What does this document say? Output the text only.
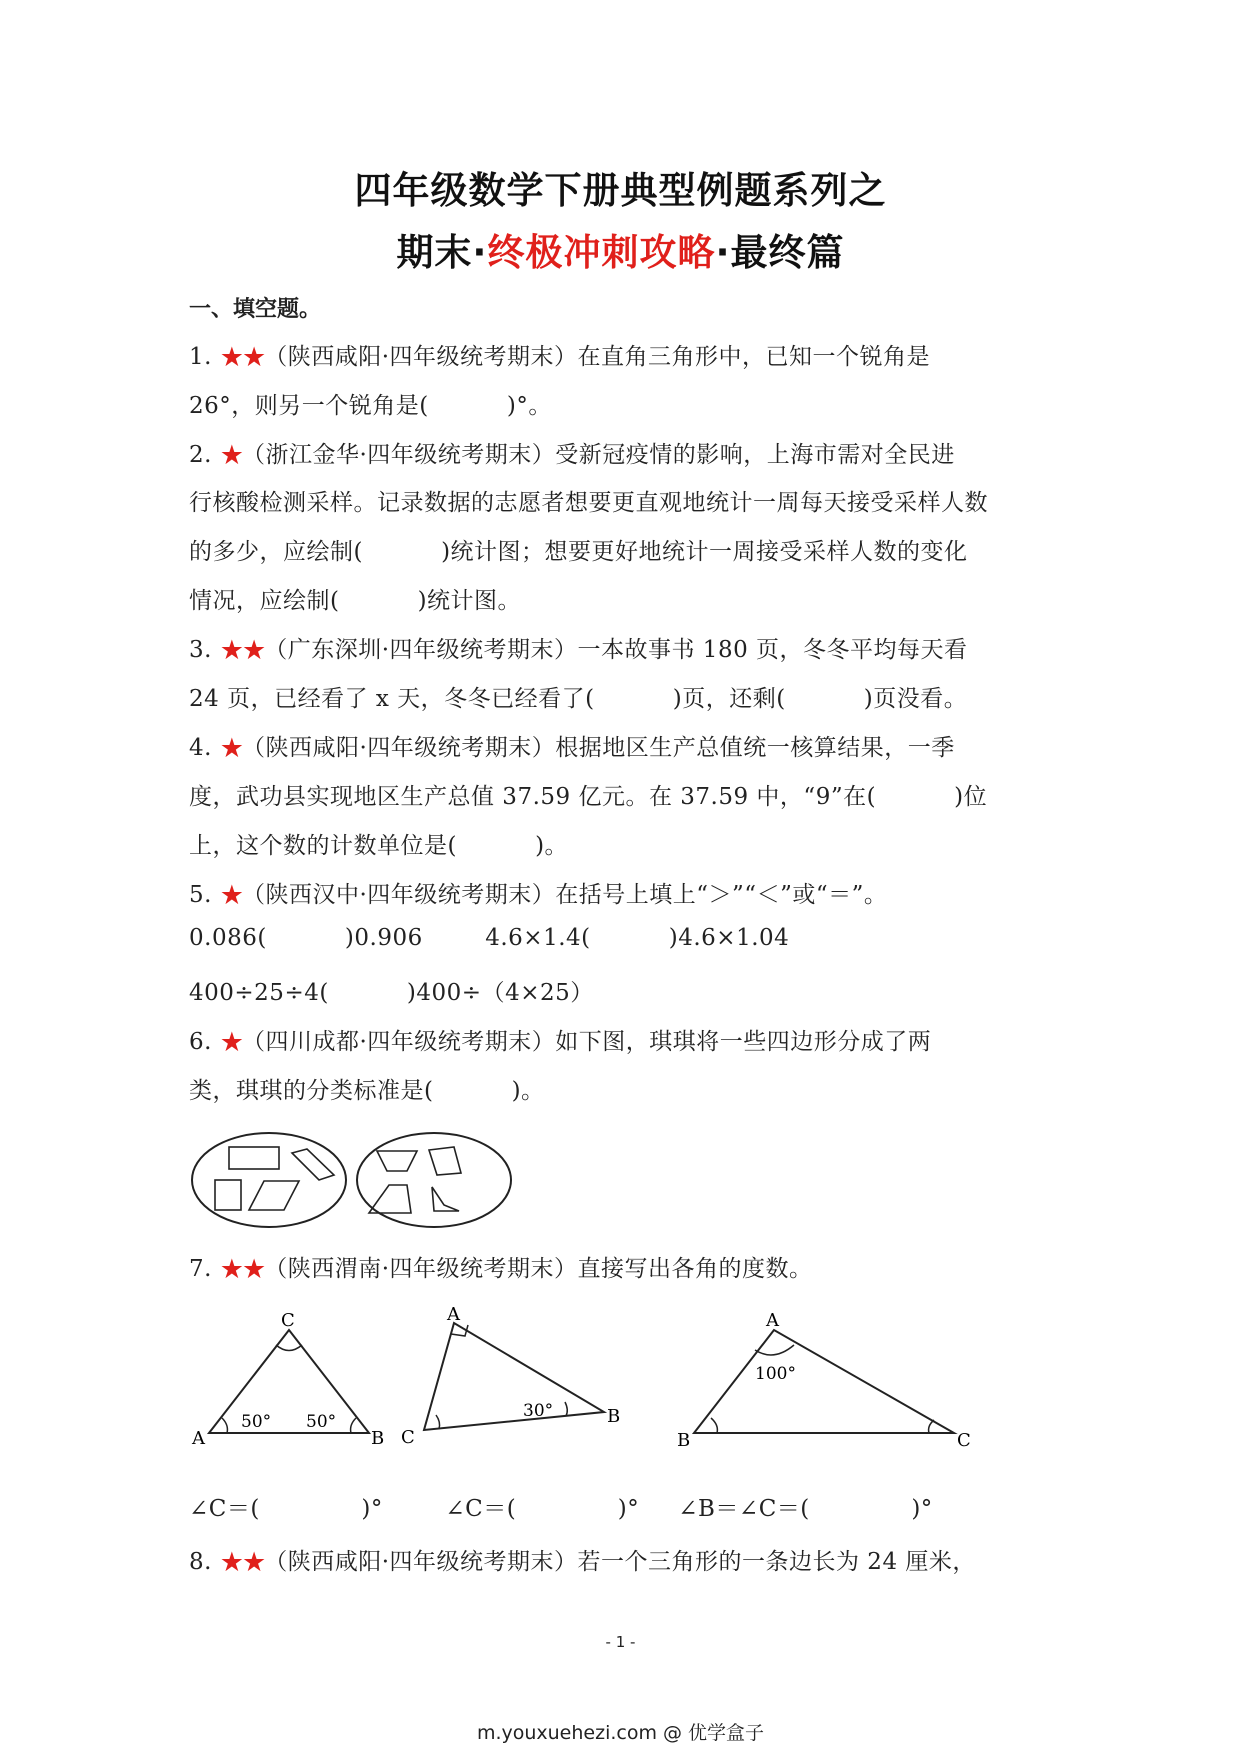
四年级数学下册典型例题系列之
期末·终极冲刺攻略·最终篇
一、填空题。
1. ★★（陕西咸阳·四年级统考期末）在直角三角形中，已知一个锐角是
26°，则另一个锐角是(          )°。
2. ★（浙江金华·四年级统考期末）受新冠疫情的影响，上海市需对全民进
行核酸检测采样。记录数据的志愿者想要更直观地统计一周每天接受采样人数
的多少，应绘制(          )统计图；想要更好地统计一周接受采样人数的变化
情况，应绘制(          )统计图。
3. ★★（广东深圳·四年级统考期末）一本故事书 180 页，冬冬平均每天看
24 页，已经看了 x 天，冬冬已经看了(          )页，还剩(          )页没看。
4. ★（陕西咸阳·四年级统考期末）根据地区生产总值统一核算结果，一季
度，武功县实现地区生产总值 37.59 亿元。在 37.59 中，“9”在(          )位
上，这个数的计数单位是(          )。
5. ★（陕西汉中·四年级统考期末）在括号上填上“＞”“＜”或“＝”。
0.086(          )0.906        4.6×1.4(          )4.6×1.04
400÷25÷4(          )400÷（4×25）
6. ★（四川成都·四年级统考期末）如下图，琪琪将一些四边形分成了两
类，琪琪的分类标准是(          )。
7. ★★（陕西渭南·四年级统考期末）直接写出各角的度数。
C
A	B
50° 50°
A
C
B
30°
A
B	C
100°
∠C＝(             )°        ∠C＝(             )°     ∠B＝∠C＝(             )°
8. ★★（陕西咸阳·四年级统考期末）若一个三角形的一条边长为 24 厘米，
- 1 -
m.youxuehezi.com @ 优学盒子
